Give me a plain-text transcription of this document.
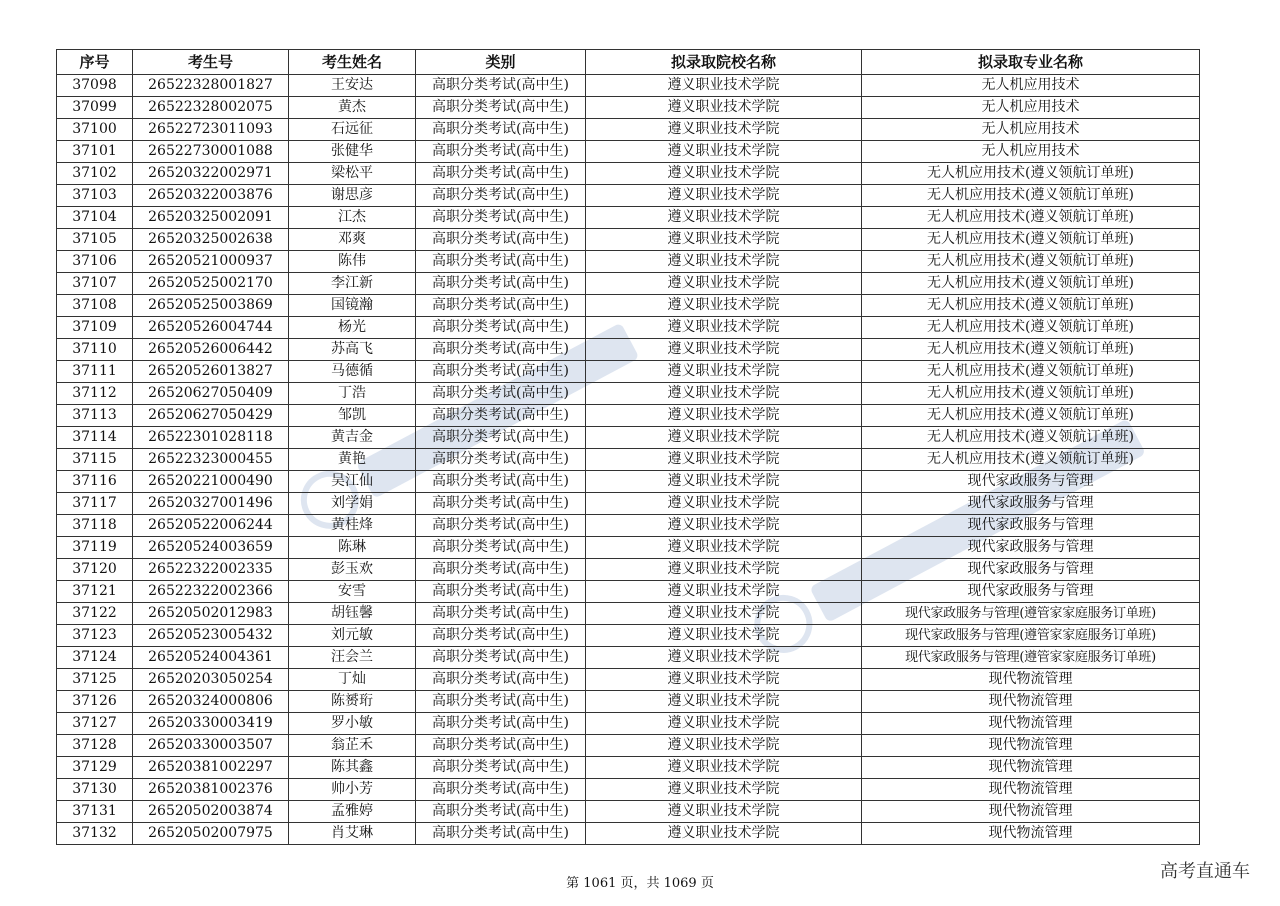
序号	考生号	考生姓名	类别	拟录取院校名称	拟录取专业名称
37098	26522328001827	王安达	高职分类考试(高中生)	遵义职业技术学院	无人机应用技术
37099	26522328002075	黄杰	高职分类考试(高中生)	遵义职业技术学院	无人机应用技术
37100	26522723011093	石远征	高职分类考试(高中生)	遵义职业技术学院	无人机应用技术
37101	26522730001088	张健华	高职分类考试(高中生)	遵义职业技术学院	无人机应用技术
37102	26520322002971	梁松平	高职分类考试(高中生)	遵义职业技术学院	无人机应用技术(遵义领航订单班)
37103	26520322003876	谢思彦	高职分类考试(高中生)	遵义职业技术学院	无人机应用技术(遵义领航订单班)
37104	26520325002091	江杰	高职分类考试(高中生)	遵义职业技术学院	无人机应用技术(遵义领航订单班)
37105	26520325002638	邓爽	高职分类考试(高中生)	遵义职业技术学院	无人机应用技术(遵义领航订单班)
37106	26520521000937	陈伟	高职分类考试(高中生)	遵义职业技术学院	无人机应用技术(遵义领航订单班)
37107	26520525002170	李江新	高职分类考试(高中生)	遵义职业技术学院	无人机应用技术(遵义领航订单班)
37108	26520525003869	国镜瀚	高职分类考试(高中生)	遵义职业技术学院	无人机应用技术(遵义领航订单班)
37109	26520526004744	杨光	高职分类考试(高中生)	遵义职业技术学院	无人机应用技术(遵义领航订单班)
37110	26520526006442	苏高飞	高职分类考试(高中生)	遵义职业技术学院	无人机应用技术(遵义领航订单班)
37111	26520526013827	马德循	高职分类考试(高中生)	遵义职业技术学院	无人机应用技术(遵义领航订单班)
37112	26520627050409	丁浩	高职分类考试(高中生)	遵义职业技术学院	无人机应用技术(遵义领航订单班)
37113	26520627050429	邹凯	高职分类考试(高中生)	遵义职业技术学院	无人机应用技术(遵义领航订单班)
37114	26522301028118	黄吉金	高职分类考试(高中生)	遵义职业技术学院	无人机应用技术(遵义领航订单班)
37115	26522323000455	黄艳	高职分类考试(高中生)	遵义职业技术学院	无人机应用技术(遵义领航订单班)
37116	26520221000490	吴江仙	高职分类考试(高中生)	遵义职业技术学院	现代家政服务与管理
37117	26520327001496	刘学娟	高职分类考试(高中生)	遵义职业技术学院	现代家政服务与管理
37118	26520522006244	黄桂烽	高职分类考试(高中生)	遵义职业技术学院	现代家政服务与管理
37119	26520524003659	陈琳	高职分类考试(高中生)	遵义职业技术学院	现代家政服务与管理
37120	26522322002335	彭玉欢	高职分类考试(高中生)	遵义职业技术学院	现代家政服务与管理
37121	26522322002366	安雪	高职分类考试(高中生)	遵义职业技术学院	现代家政服务与管理
37122	26520502012983	胡钰馨	高职分类考试(高中生)	遵义职业技术学院	现代家政服务与管理(遵管家家庭服务订单班)
37123	26520523005432	刘元敏	高职分类考试(高中生)	遵义职业技术学院	现代家政服务与管理(遵管家家庭服务订单班)
37124	26520524004361	汪会兰	高职分类考试(高中生)	遵义职业技术学院	现代家政服务与管理(遵管家家庭服务订单班)
37125	26520203050254	丁灿	高职分类考试(高中生)	遵义职业技术学院	现代物流管理
37126	26520324000806	陈赟珩	高职分类考试(高中生)	遵义职业技术学院	现代物流管理
37127	26520330003419	罗小敏	高职分类考试(高中生)	遵义职业技术学院	现代物流管理
37128	26520330003507	翁芷禾	高职分类考试(高中生)	遵义职业技术学院	现代物流管理
37129	26520381002297	陈其鑫	高职分类考试(高中生)	遵义职业技术学院	现代物流管理
37130	26520381002376	帅小芳	高职分类考试(高中生)	遵义职业技术学院	现代物流管理
37131	26520502003874	孟雅婷	高职分类考试(高中生)	遵义职业技术学院	现代物流管理
37132	26520502007975	肖艾琳	高职分类考试(高中生)	遵义职业技术学院	现代物流管理
第 1061 页，共 1069 页
高考直通车
